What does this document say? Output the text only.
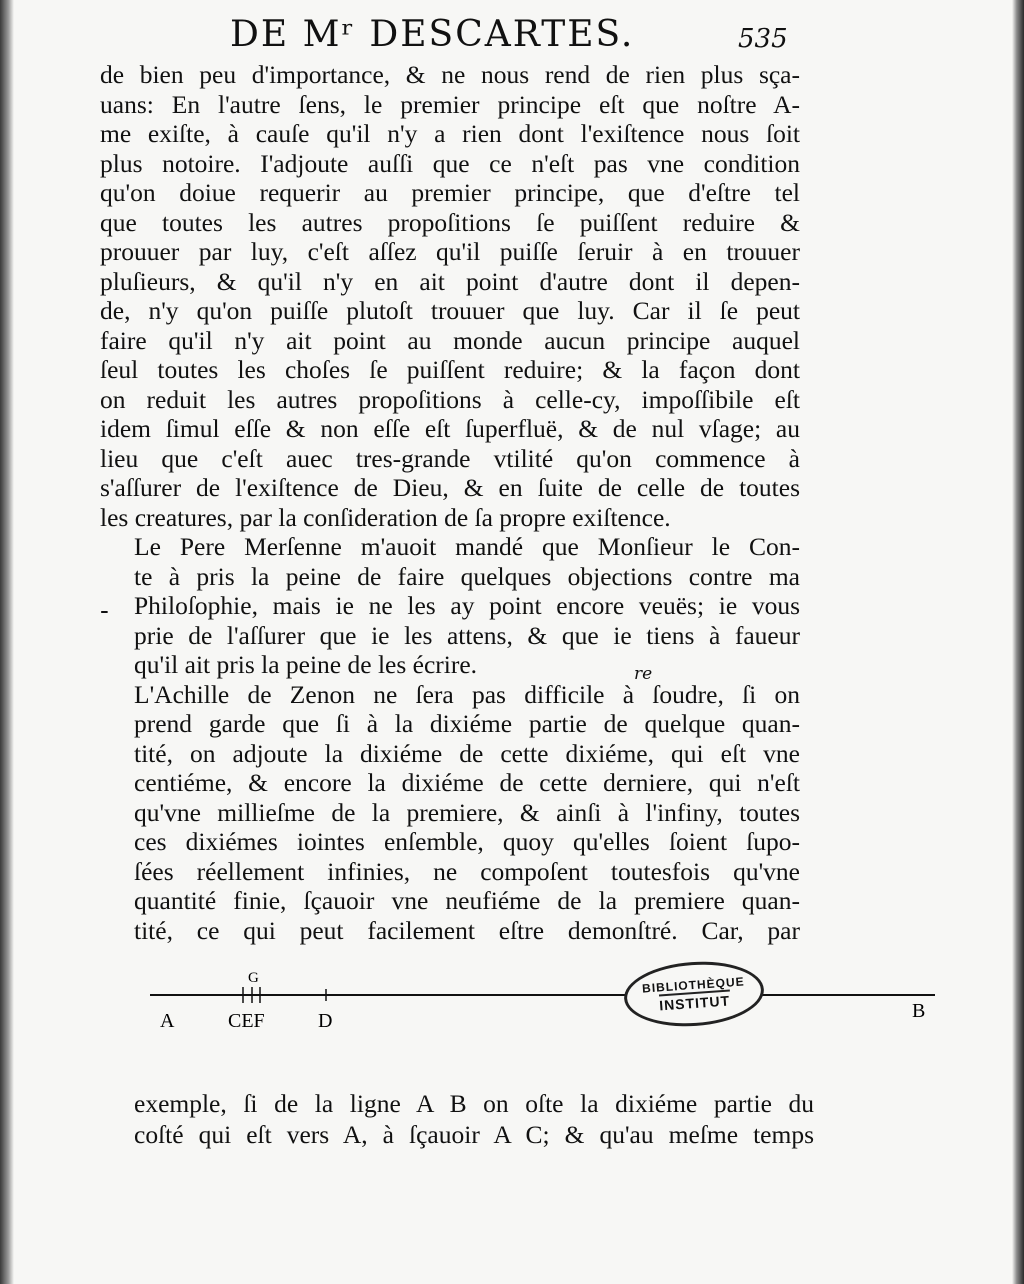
DE Mʳ DESCARTES.	535
de bien peu d'importance, & ne nous rend de rien plus sça-
uans: En l'autre ſens, le premier principe eſt que noſtre A-
me exiſte, à cauſe qu'il n'y a rien dont l'exiſtence nous ſoit
plus notoire. I'adjoute auſſi que ce n'eſt pas vne condition
qu'on doiue requerir au premier principe, que d'eſtre tel
que toutes les autres propoſitions ſe puiſſent reduire &
prouuer par luy, c'eſt aſſez qu'il puiſſe ſeruir à en trouuer
pluſieurs, & qu'il n'y en ait point d'autre dont il depen-
de, n'y qu'on puiſſe plutoſt trouuer que luy. Car il ſe peut
faire qu'il n'y ait point au monde aucun principe auquel
ſeul toutes les choſes ſe puiſſent reduire; & la façon dont
on reduit les autres propoſitions à celle-cy, impoſſibile eſt
idem ſimul eſſe & non eſſe eſt ſuperfluë, & de nul vſage; au
lieu que c'eſt auec tres-grande vtilité qu'on commence à
s'aſſurer de l'exiſtence de Dieu, & en ſuite de celle de toutes
les creatures, par la conſideration de ſa propre exiſtence.
Le Pere Merſenne m'auoit mandé que Monſieur le Con-
te à pris la peine de faire quelques objections contre ma
Philoſophie, mais ie ne les ay point encore veuës; ie vous
prie de l'aſſurer que ie les attens, & que ie tiens à faueur
qu'il ait pris la peine de les écrire.
L'Achille de Zenon ne ſera pas difficile à ſoudre, ſi on
prend garde que ſi à la dixiéme partie de quelque quan-
tité, on adjoute la dixiéme de cette dixiéme, qui eſt vne
centiéme, & encore la dixiéme de cette derniere, qui n'eſt
qu'vne millieſme de la premiere, & ainſi à l'infiny, toutes
ces dixiémes iointes enſemble, quoy qu'elles ſoient ſupo-
ſées réellement infinies, ne compoſent toutesfois qu'vne
quantité finie, ſçauoir vne neufiéme de la premiere quan-
tité, ce qui peut facilement eſtre demonſtré. Car, par
-
re
G
A	CEF	D	B
BIBLIOTHÈQUE
INSTITUT
exemple, ſi de la ligne A B on oſte la dixiéme partie du
coſté qui eſt vers A, à ſçauoir A C; & qu'au meſme temps
